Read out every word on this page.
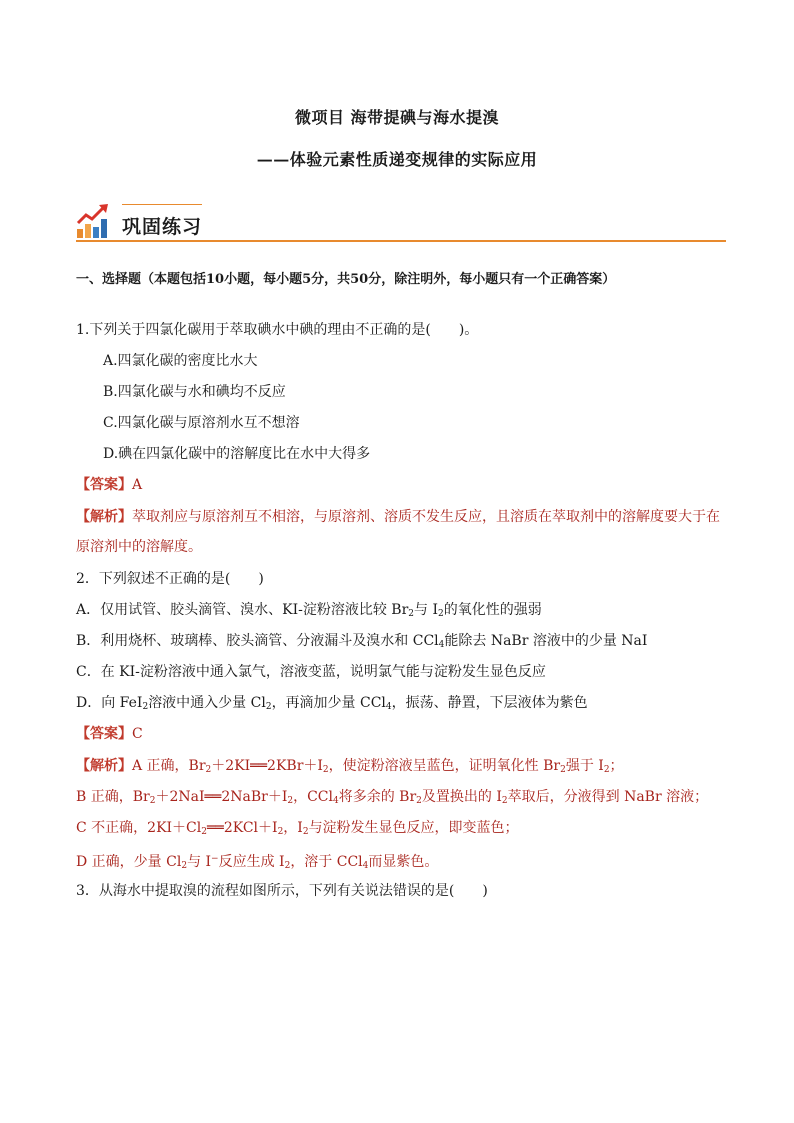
微项目 海带提碘与海水提溴
——体验元素性质递变规律的实际应用
巩固练习
一、选择题（本题包括10小题，每小题5分，共50分，除注明外，每小题只有一个正确答案）
1.下列关于四氯化碳用于萃取碘水中碘的理由不正确的是(　　)。
A.四氯化碳的密度比水大
B.四氯化碳与水和碘均不反应
C.四氯化碳与原溶剂水互不想溶
D.碘在四氯化碳中的溶解度比在水中大得多
【答案】A
【解析】萃取剂应与原溶剂互不相溶，与原溶剂、溶质不发生反应，且溶质在萃取剂中的溶解度要大于在
原溶剂中的溶解度。
2．下列叙述不正确的是(　　)
A．仅用试管、胶头滴管、溴水、KI-淀粉溶液比较 $Br_2$与 $I_2$的氧化性的强弱
B．利用烧杯、玻璃棒、胶头滴管、分液漏斗及溴水和 CCl$_4$能除去 NaBr 溶液中的少量 NaI
C．在 KI-淀粉溶液中通入氯气，溶液变蓝，说明氯气能与淀粉发生显色反应
D．向 FeI$_2$溶液中通入少量 $Cl_2$，再滴加少量 CCl$_4$，振荡、静置，下层液体为紫色
【答案】C
【解析】A 正确，$Br_2+2KI══2KBr+I_2$，使淀粉溶液呈蓝色，证明氧化性 $Br_2$强于 $I_2$；
B 正确，$Br_2+2NaI══2NaBr+I_2$，CCl$_4$将多余的 $Br_2$及置换出的 $I_2$萃取后，分液得到 NaBr 溶液；
C 不正确，$2KI+Cl_2══2KCl+I_2$，$I_2$与淀粉发生显色反应，即变蓝色；
D 正确，少量 $Cl_2$与 I−反应生成 $I_2$，溶于 CCl$_4$而显紫色。
3．从海水中提取溴的流程如图所示，下列有关说法错误的是(　　)
